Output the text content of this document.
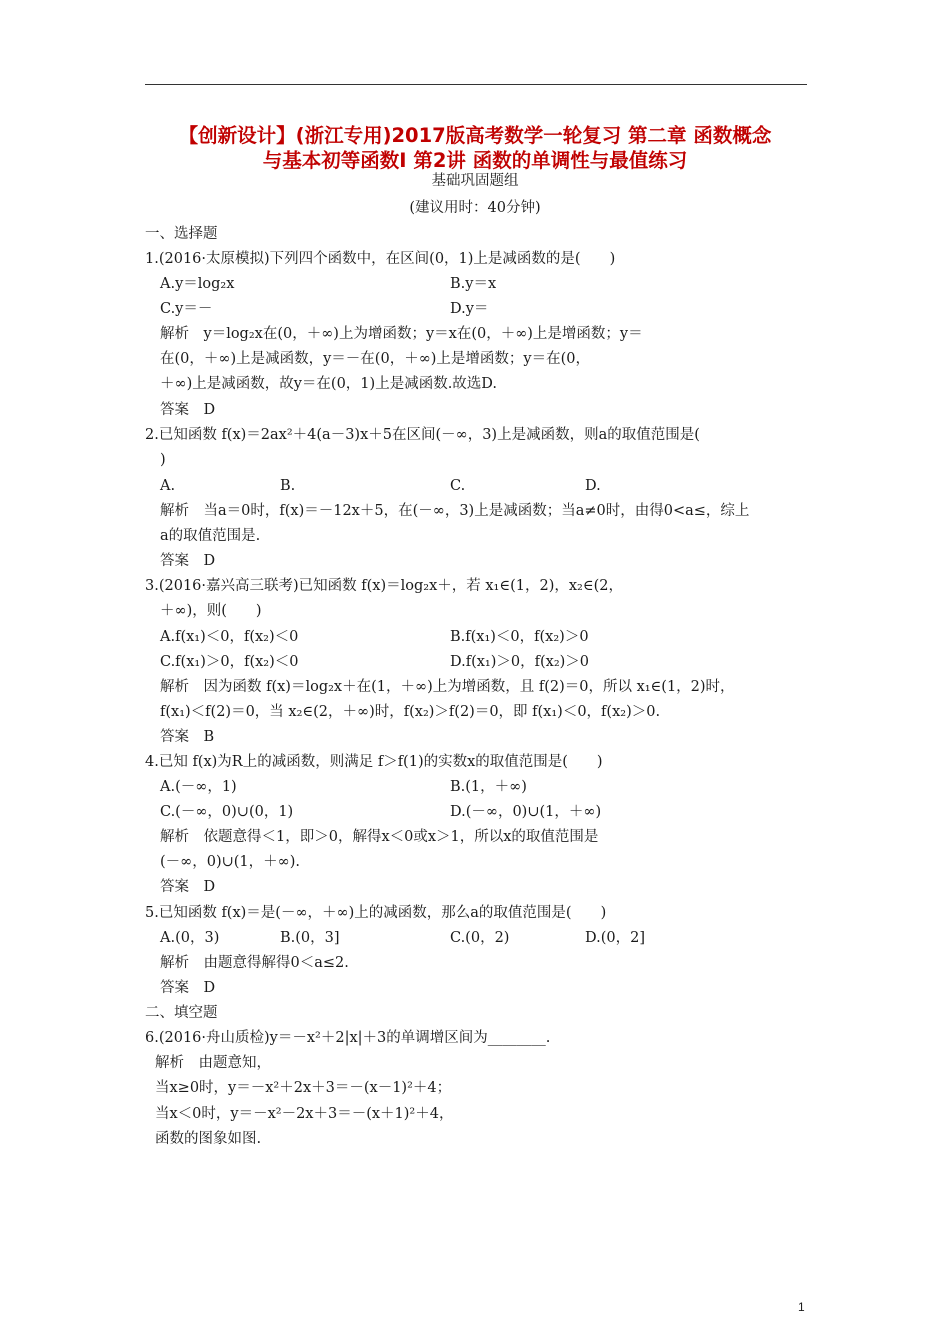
【创新设计】(浙江专用)2017版高考数学一轮复习 第二章 函数概念
与基本初等函数Ⅰ 第2讲 函数的单调性与最值练习
基础巩固题组
(建议用时：40分钟)
一、选择题
1.(2016·太原模拟)下列四个函数中，在区间(0，1)上是减函数的是(　　)
A.y＝log₂x	B.y＝x
C.y＝－	D.y＝
解析　y＝log₂x在(0，＋∞)上为增函数；y＝x在(0，＋∞)上是增函数；y＝
在(0，＋∞)上是减函数，y＝－在(0，＋∞)上是增函数；y＝在(0，
＋∞)上是减函数，故y＝在(0，1)上是减函数.故选D.
答案　D
2.已知函数 f(x)＝2ax²＋4(a－3)x＋5在区间(－∞，3)上是减函数，则a的取值范围是(
)
A.	B.	C.	D.
解析　当a＝0时，f(x)＝－12x＋5，在(－∞，3)上是减函数；当a≠0时，由得0<a≤，综上
a的取值范围是.
答案　D
3.(2016·嘉兴高三联考)已知函数 f(x)＝log₂x＋，若 x₁∈(1，2)，x₂∈(2，
＋∞)，则(　　)
A.f(x₁)＜0，f(x₂)＜0	B.f(x₁)＜0，f(x₂)＞0
C.f(x₁)＞0，f(x₂)＜0	D.f(x₁)＞0，f(x₂)＞0
解析　因为函数 f(x)＝log₂x＋在(1，＋∞)上为增函数，且 f(2)＝0，所以 x₁∈(1，2)时，
f(x₁)＜f(2)＝0，当 x₂∈(2，＋∞)时，f(x₂)＞f(2)＝0，即 f(x₁)＜0，f(x₂)＞0.
答案　B
4.已知 f(x)为R上的减函数，则满足 f＞f(1)的实数x的取值范围是(　　)
A.(－∞，1)	B.(1，＋∞)
C.(－∞，0)∪(0，1)	D.(－∞，0)∪(1，＋∞)
解析　依题意得＜1，即＞0，解得x＜0或x＞1，所以x的取值范围是
(－∞，0)∪(1，＋∞).
答案　D
5.已知函数 f(x)＝是(－∞，＋∞)上的减函数，那么a的取值范围是(　　)
A.(0，3)	B.(0，3]	C.(0，2)	D.(0，2]
解析　由题意得解得0＜a≤2.
答案　D
二、填空题
6.(2016·舟山质检)y＝－x²＋2|x|＋3的单调增区间为________.
解析　由题意知，
当x≥0时，y＝－x²＋2x＋3＝－(x－1)²＋4；
当x＜0时，y＝－x²－2x＋3＝－(x＋1)²＋4，
函数的图象如图.
1
